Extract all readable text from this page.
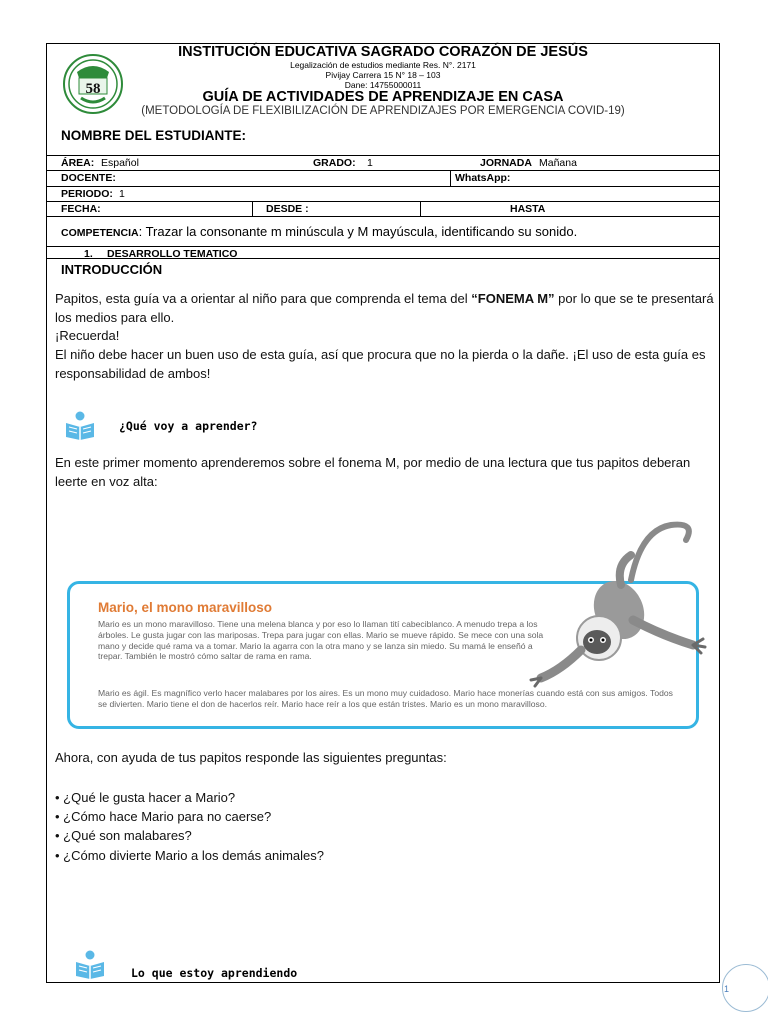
58
INSTITUCIÓN EDUCATIVA SAGRADO CORAZÓN DE JESÚS
Legalización de estudios mediante Res. N°. 2171
Pivijay Carrera 15 N° 18 – 103
Dane: 14755000011
GUÍA DE ACTIVIDADES DE APRENDIZAJE EN CASA
(METODOLOGÍA DE FLEXIBILIZACIÓN DE APRENDIZAJES POR EMERGENCIA COVID-19)
NOMBRE DEL ESTUDIANTE:
ÁREA: Español	GRADO: 1	JORNADA Mañana
DOCENTE:	WhatsApp:
PERIODO: 1
FECHA:	DESDE :	HASTA
COMPETENCIA: Trazar la consonante m minúscula y M mayúscula, identificando su sonido.
1. DESARROLLO TEMATICO
INTRODUCCIÓN
Papitos, esta guía va a orientar al niño para que comprenda el tema del “FONEMA M” por lo que se te presentará los medios para ello.
¡Recuerda!
El niño debe hacer un buen uso de esta guía, así que procura que no la pierda o la dañe. ¡El uso de esta guía es responsabilidad de ambos!
¿Qué voy a aprender?
En este primer momento aprenderemos sobre el fonema M, por medio de una lectura que tus papitos deberan leerte en voz alta:
Mario, el mono maravilloso
Mario es un mono maravilloso. Tiene una melena blanca y por eso lo llaman tití cabeciblanco. A menudo trepa a los árboles. Le gusta jugar con las mariposas. Trepa para jugar con ellas. Mario se mueve rápido. Se mece con una sola mano y decide qué rama va a tomar. Mario la agarra con la otra mano y se lanza sin miedo. Su mamá le enseñó a trepar. También le mostró cómo saltar de rama en rama.
Mario es ágil. Es magnífico verlo hacer malabares por los aires. Es un mono muy cuidadoso. Mario hace monerías cuando está con sus amigos. Todos se divierten. Mario tiene el don de hacerlos reír. Mario hace reír a los que están tristes. Mario es un mono maravilloso.
Ahora, con ayuda de tus papitos responde las siguientes preguntas:
• ¿Qué le gusta hacer a Mario?
• ¿Cómo hace Mario para no caerse?
• ¿Qué son malabares?
• ¿Cómo divierte Mario a los demás animales?
Lo que estoy aprendiendo
1
